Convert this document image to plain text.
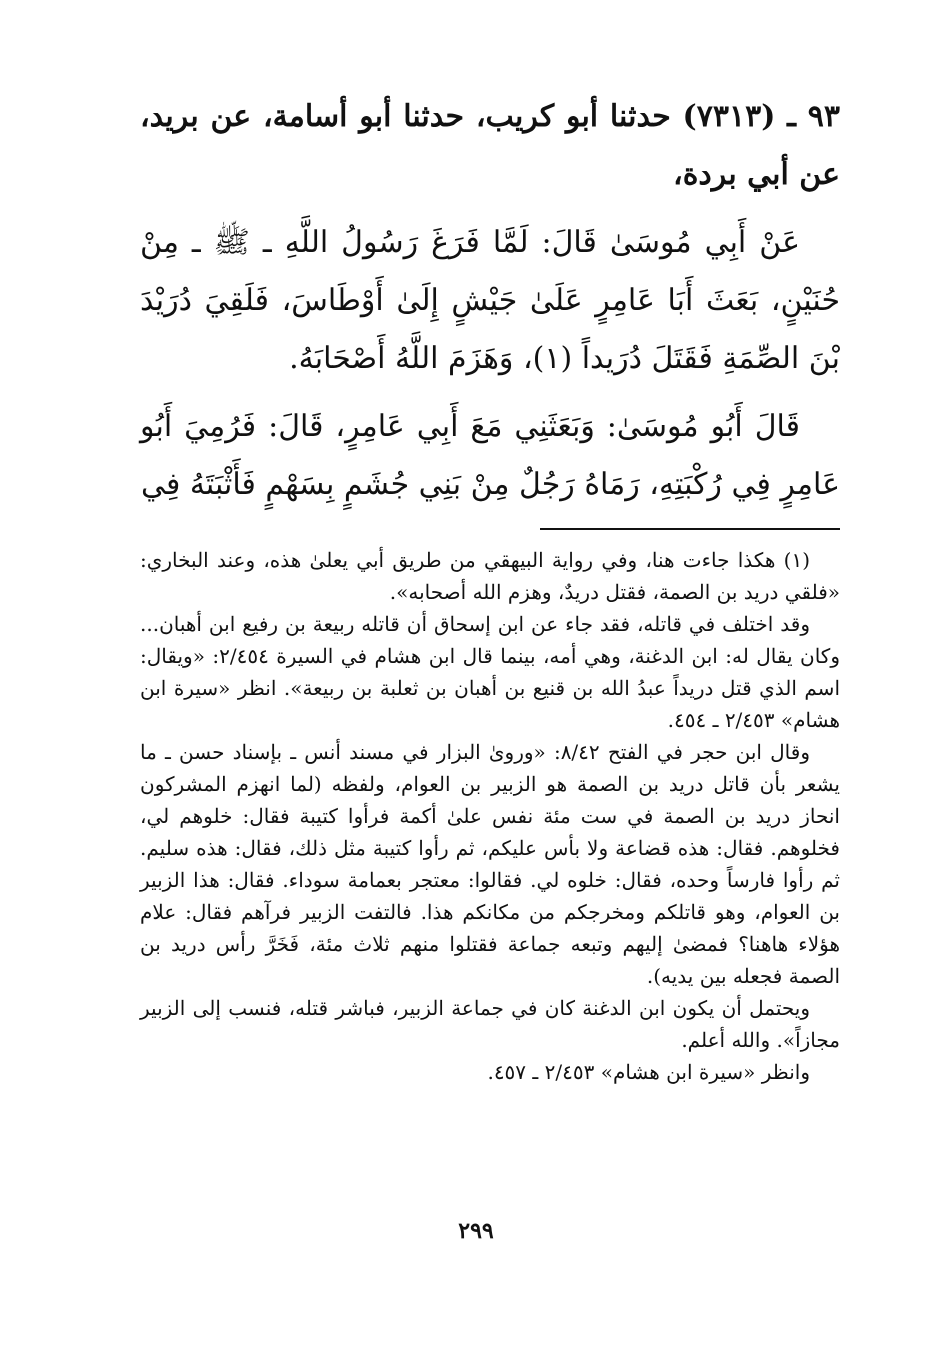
٩٣ ـ (٧٣١٣) حدثنا أبو كريب، حدثنا أبو أسامة، عن بريد، عن أبي بردة،

عَنْ أَبِي مُوسَىٰ قَالَ: لَمَّا فَرَغَ رَسُولُ اللَّهِ ـ ﷺ ـ مِنْ حُنَيْنٍ، بَعَثَ أَبَا عَامِرٍ عَلَىٰ جَيْشٍ إِلَىٰ أَوْطَاسَ، فَلَقِيَ دُرَيْدَ بْنَ الصِّمَةِ فَقَتَلَ دُرَيداً (١)، وَهَزَمَ اللَّهُ أَصْحَابَهُ.

قَالَ أَبُو مُوسَىٰ: وَبَعَثَنِي مَعَ أَبِي عَامِرٍ، قَالَ: فَرُمِيَ أَبُو عَامِرٍ فِي رُكْبَتِهِ، رَمَاهُ رَجُلٌ مِنْ بَنِي جُشَمٍ بِسَهْمٍ فَأَثْبَتَهُ فِي

(١) هكذا جاءت هنا، وفي رواية البيهقي من طريق أبي يعلىٰ هذه، وعند البخاري: «فلقي دريد بن الصمة، فقتل دريدٌ، وهزم الله أصحابه».

وقد اختلف في قاتله، فقد جاء عن ابن إسحاق أن قاتله ربيعة بن رفيع ابن أهبان... وكان يقال له: ابن الدغنة، وهي أمه، بينما قال ابن هشام في السيرة ٢/٤٥٤: «ويقال: اسم الذي قتل دريداً عبدُ الله بن قنيع بن أهبان بن ثعلبة بن ربيعة». انظر «سيرة ابن هشام» ٢/٤٥٣ ـ ٤٥٤.

وقال ابن حجر في الفتح ٨/٤٢: «وروىٰ البزار في مسند أنس ـ بإسناد حسن ـ ما يشعر بأن قاتل دريد بن الصمة هو الزبير بن العوام، ولفظه (لما انهزم المشركون انحاز دريد بن الصمة في ست مئة نفس علىٰ أكمة فرأوا كتيبة فقال: خلوهم لي، فخلوهم. فقال: هذه قضاعة ولا بأس عليكم، ثم رأوا كتيبة مثل ذلك، فقال: هذه سليم. ثم رأوا فارساً وحده، فقال: خلوه لي. فقالوا: معتجر بعمامة سوداء. فقال: هذا الزبير بن العوام، وهو قاتلكم ومخرجكم من مكانكم هذا. فالتفت الزبير فرآهم فقال: علام هؤلاء هاهنا؟ فمضىٰ إليهم وتبعه جماعة فقتلوا منهم ثلاث مئة، فَخَرَّ رأس دريد بن الصمة فجعله بين يديه).

ويحتمل أن يكون ابن الدغنة كان في جماعة الزبير، فباشر قتله، فنسب إلى الزبير مجازاً». والله أعلم.

وانظر «سيرة ابن هشام» ٢/٤٥٣ ـ ٤٥٧.

٢٩٩
